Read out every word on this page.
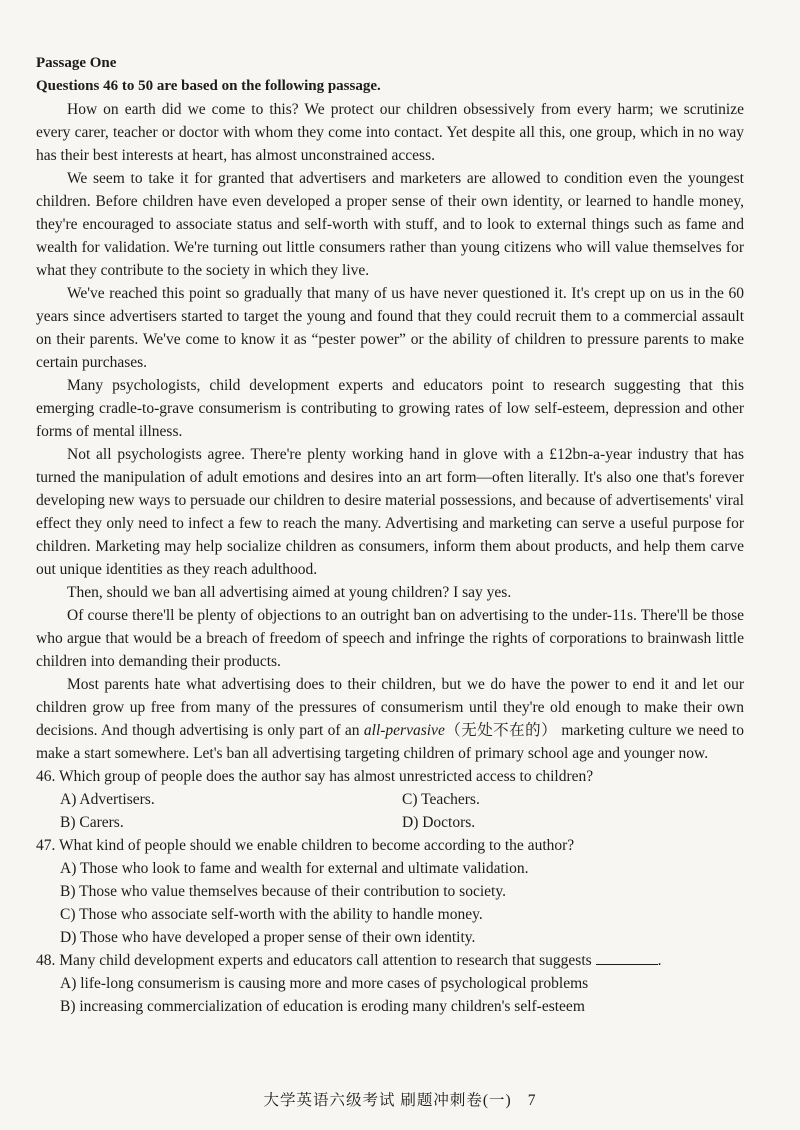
Passage One
Questions 46 to 50 are based on the following passage.

How on earth did we come to this? We protect our children obsessively from every harm; we scrutinize every carer, teacher or doctor with whom they come into contact. Yet despite all this, one group, which in no way has their best interests at heart, has almost unconstrained access.

We seem to take it for granted that advertisers and marketers are allowed to condition even the youngest children. Before children have even developed a proper sense of their own identity, or learned to handle money, they're encouraged to associate status and self-worth with stuff, and to look to external things such as fame and wealth for validation. We're turning out little consumers rather than young citizens who will value themselves for what they contribute to the society in which they live.

We've reached this point so gradually that many of us have never questioned it. It's crept up on us in the 60 years since advertisers started to target the young and found that they could recruit them to a commercial assault on their parents. We've come to know it as “pester power” or the ability of children to pressure parents to make certain purchases.

Many psychologists, child development experts and educators point to research suggesting that this emerging cradle-to-grave consumerism is contributing to growing rates of low self-esteem, depression and other forms of mental illness.

Not all psychologists agree. There're plenty working hand in glove with a £12bn-a-year industry that has turned the manipulation of adult emotions and desires into an art form—often literally. It's also one that's forever developing new ways to persuade our children to desire material possessions, and because of advertisements' viral effect they only need to infect a few to reach the many. Advertising and marketing can serve a useful purpose for children. Marketing may help socialize children as consumers, inform them about products, and help them carve out unique identities as they reach adulthood.

Then, should we ban all advertising aimed at young children? I say yes.

Of course there'll be plenty of objections to an outright ban on advertising to the under-11s. There'll be those who argue that would be a breach of freedom of speech and infringe the rights of corporations to brainwash little children into demanding their products.

Most parents hate what advertising does to their children, but we do have the power to end it and let our children grow up free from many of the pressures of consumerism until they're old enough to make their own decisions. And though advertising is only part of an all-pervasive（无处不在的） marketing culture we need to make a start somewhere. Let's ban all advertising targeting children of primary school age and younger now.

46. Which group of people does the author say has almost unrestricted access to children?

A) Advertisers.	C) Teachers.
B) Carers.	D) Doctors.

47. What kind of people should we enable children to become according to the author?

A) Those who look to fame and wealth for external and ultimate validation.

B) Those who value themselves because of their contribution to society.

C) Those who associate self-worth with the ability to handle money.

D) Those who have developed a proper sense of their own identity.

48. Many child development experts and educators call attention to research that suggests	.

A) life-long consumerism is causing more and more cases of psychological problems

B) increasing commercialization of education is eroding many children's self-esteem

大学英语六级考试 刷题冲刺卷(一) 7
